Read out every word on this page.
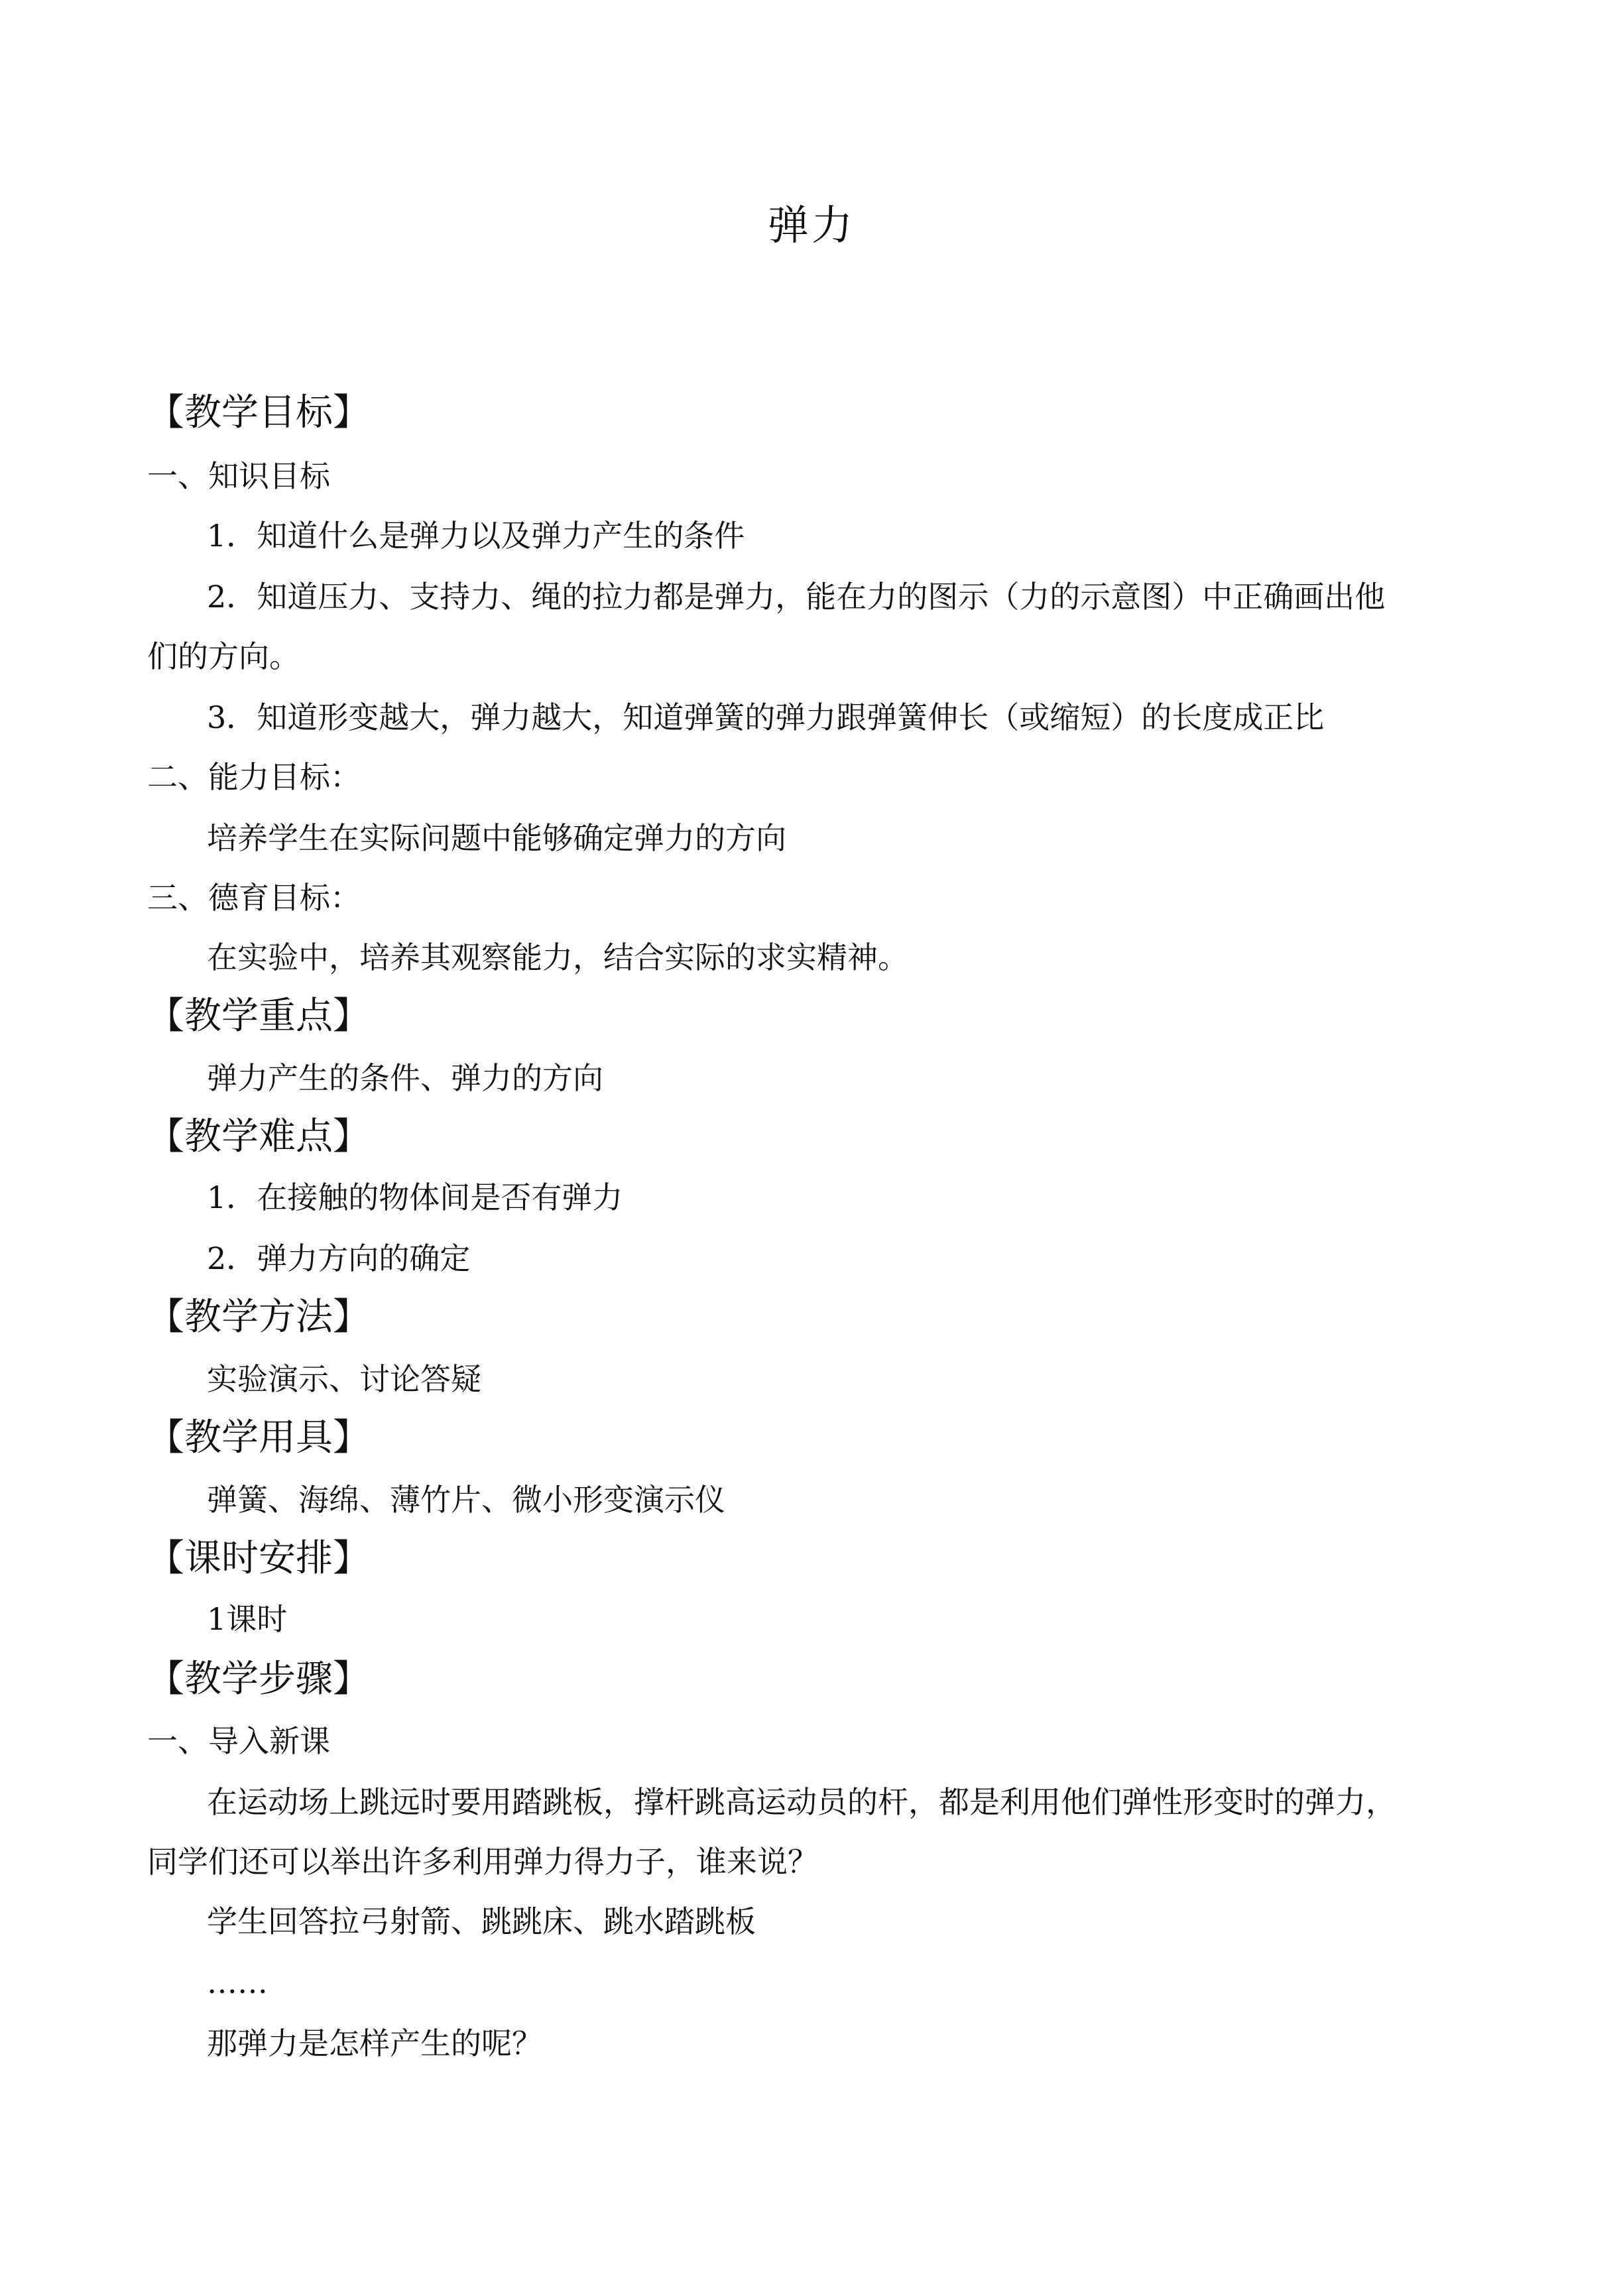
弹力
【教学目标】
一、知识目标
1．知道什么是弹力以及弹力产生的条件
2．知道压力、支持力、绳的拉力都是弹力，能在力的图示（力的示意图）中正确画出他
们的方向。
3．知道形变越大，弹力越大，知道弹簧的弹力跟弹簧伸长（或缩短）的长度成正比
二、能力目标：
培养学生在实际问题中能够确定弹力的方向
三、德育目标：
在实验中，培养其观察能力，结合实际的求实精神。
【教学重点】
弹力产生的条件、弹力的方向
【教学难点】
1．在接触的物体间是否有弹力
2．弹力方向的确定
【教学方法】
实验演示、讨论答疑
【教学用具】
弹簧、海绵、薄竹片、微小形变演示仪
【课时安排】
1课时
【教学步骤】
一、导入新课
在运动场上跳远时要用踏跳板，撑杆跳高运动员的杆，都是利用他们弹性形变时的弹力，
同学们还可以举出许多利用弹力得力子，谁来说？
学生回答拉弓射箭、跳跳床、跳水踏跳板
……
那弹力是怎样产生的呢？
